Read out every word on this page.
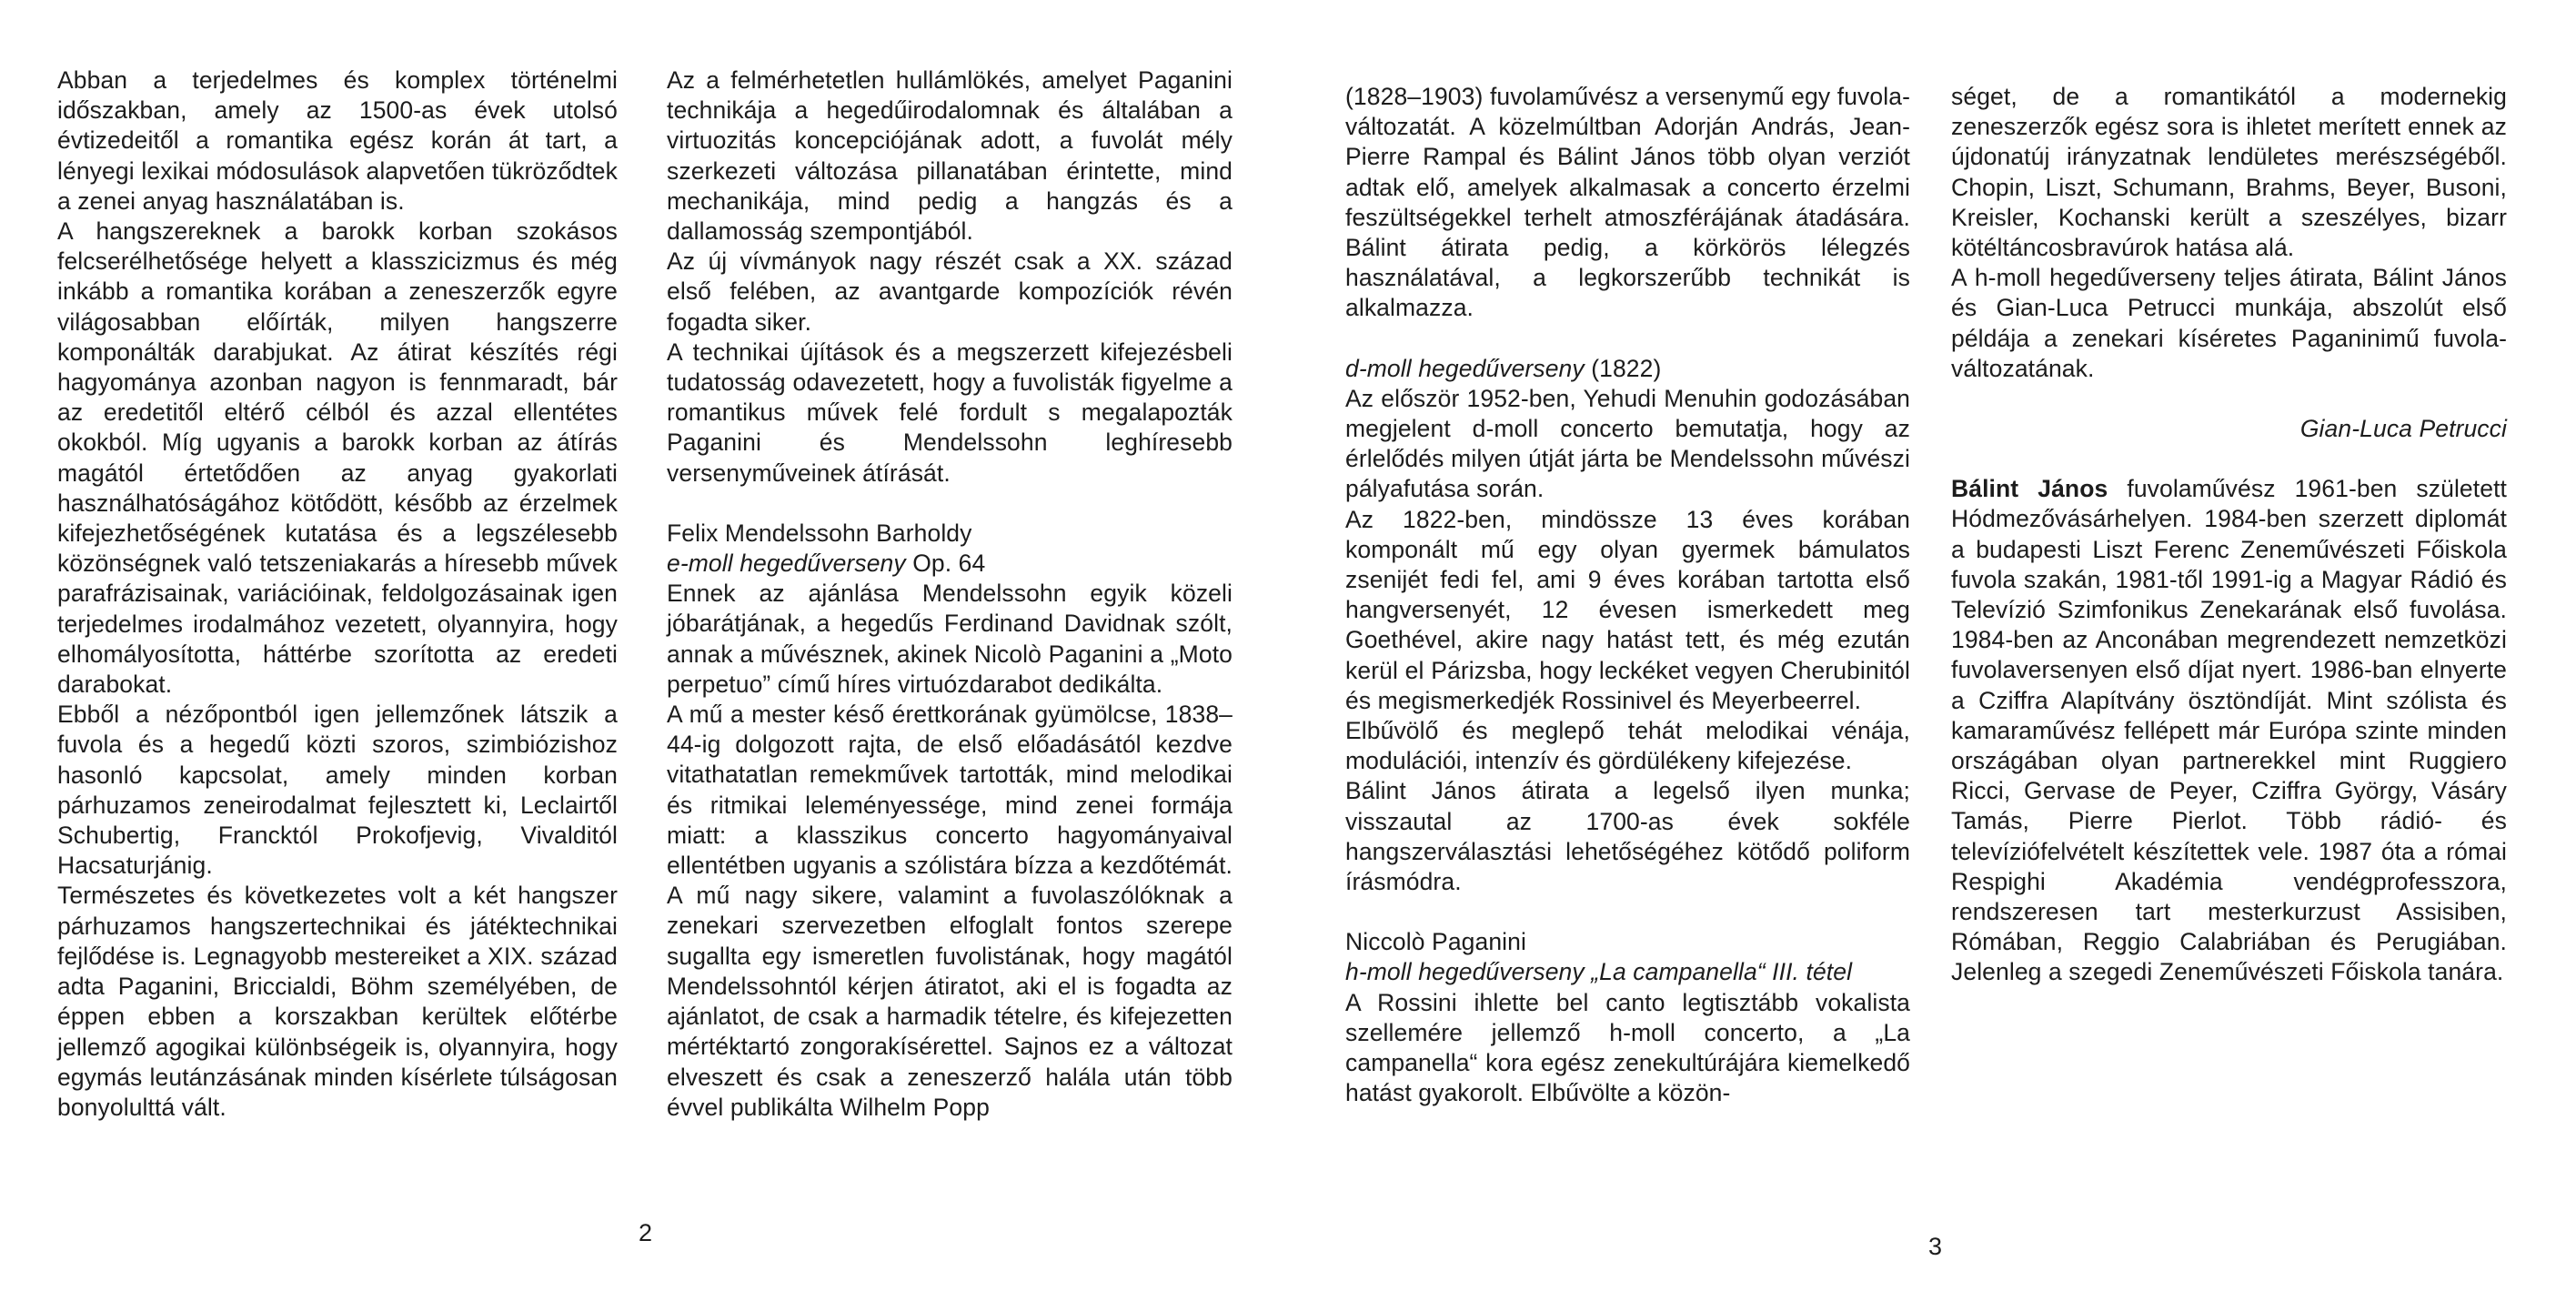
Abban a terjedelmes és komplex történelmi időszakban, amely az 1500-as évek utolsó évtizedeitől a romantika egész korán át tart, a lényegi lexikai módosulások alapvetően tükröződtek a zenei anyag használatában is.

A hangszereknek a barokk korban szokásos felcserélhetősége helyett a klasszicizmus és még inkább a romantika korában a zeneszerzők egyre világosabban előírták, milyen hangszerre komponálták darabjukat. Az átirat készítés régi hagyománya azonban nagyon is fennmaradt, bár az eredetitől eltérő célból és azzal ellentétes okokból. Míg ugyanis a barokk korban az átírás magától értetődően az anyag gyakorlati használhatóságához kötődött, később az érzelmek kifejezhetőségének kutatása és a legszélesebb közönségnek való tetszeniakarás a híresebb művek parafrázisainak, variációinak, feldolgozásainak igen terjedelmes irodalmához vezetett, olyannyira, hogy elhomályosította, háttérbe szorította az eredeti darabokat.

Ebből a nézőpontból igen jellemzőnek látszik a fuvola és a hegedű közti szoros, szimbiózishoz hasonló kapcsolat, amely minden korban párhuzamos zeneirodalmat fejlesztett ki, Leclairtől Schubertig, Francktól Prokofjevig, Vivalditól Hacsaturjánig.

Természetes és következetes volt a két hangszer párhuzamos hangszertechnikai és játéktechnikai fejlődése is. Legnagyobb mestereiket a XIX. század adta Paganini, Briccialdi, Böhm személyében, de éppen ebben a korszakban kerültek előtérbe jellemző agogikai különbségeik is, olyannyira, hogy egymás leutánzásának minden kísérlete túlságosan bonyolulttá vált.

Az a felmérhetetlen hullámlökés, amelyet Paganini technikája a hegedűirodalomnak és általában a virtuozitás koncepciójának adott, a fuvolát mély szerkezeti változása pillanatában érintette, mind mechanikája, mind pedig a hangzás és a dallamosság szempontjából.

Az új vívmányok nagy részét csak a XX. század első felében, az avantgarde kompozíciók révén fogadta siker.

A technikai újítások és a megszerzett kifejezésbeli tudatosság odavezetett, hogy a fuvolisták figyelme a romantikus művek felé fordult s megalapozták Paganini és Mendelssohn leghíresebb versenyműveinek átírását.

Felix Mendelssohn Barholdy

e-moll hegedűverseny Op. 64

Ennek az ajánlása Mendelssohn egyik közeli jóbarátjának, a hegedűs Ferdinand Davidnak szólt, annak a művésznek, akinek Nicolò Paganini a „Moto perpetuo” című híres virtuózdarabot dedikálta.

A mű a mester késő érettkorának gyümölcse, 1838–44-ig dolgozott rajta, de első előadásától kezdve vitathatatlan remekművek tartották, mind melodikai és ritmikai leleményessége, mind zenei formája miatt: a klasszikus concerto hagyományaival ellentétben ugyanis a szólistára bízza a kezdőtémát. A mű nagy sikere, valamint a fuvolaszólóknak a zenekari szervezetben elfoglalt fontos szerepe sugallta egy ismeretlen fuvolistának, hogy magától Mendelssohntól kérjen átiratot, aki el is fogadta az ajánlatot, de csak a harmadik tételre, és kifejezetten mértéktartó zongorakísérettel. Sajnos ez a változat elveszett és csak a zeneszerző halála után több évvel publikálta Wilhelm Popp

2

(1828–1903) fuvolaművész a versenymű egy fuvola-változatát. A közelmúltban Adorján András, Jean-Pierre Rampal és Bálint János több olyan verziót adtak elő, amelyek alkalmasak a concerto érzelmi feszültségekkel terhelt atmoszférájának átadására. Bálint átirata pedig, a körkörös lélegzés használatával, a legkorszerűbb technikát is alkalmazza.

d-moll hegedűverseny (1822)

Az először 1952-ben, Yehudi Menuhin godozásában megjelent d-moll concerto bemutatja, hogy az érlelődés milyen útját járta be Mendelssohn művészi pályafutása során.

Az 1822-ben, mindössze 13 éves korában komponált mű egy olyan gyermek bámulatos zsenijét fedi fel, ami 9 éves korában tartotta első hangversenyét, 12 évesen ismerkedett meg Goethével, akire nagy hatást tett, és még ezután kerül el Párizsba, hogy leckéket vegyen Cherubinitól és megismerkedjék Rossinivel és Meyerbeerrel.

Elbűvölő és meglepő tehát melodikai vénája, modulációi, intenzív és gördülékeny kifejezése.

Bálint János átirata a legelső ilyen munka; visszautal az 1700-as évek sokféle hangszerválasztási lehetőségéhez kötődő poliform írásmódra.

Niccolò Paganini

h-moll hegedűverseny „La campanella“ III. tétel

A Rossini ihlette bel canto legtisztább vokalista szellemére jellemző h-moll concerto, a „La campanella“ kora egész zenekultúrájára kiemelkedő hatást gyakorolt. Elbűvölte a közön-

séget, de a romantikától a modernekig zeneszerzők egész sora is ihletet merített ennek az újdonatúj irányzatnak lendületes merészségéből. Chopin, Liszt, Schumann, Brahms, Beyer, Busoni, Kreisler, Kochanski került a szeszélyes, bizarr kötéltáncosbravúrok hatása alá.

A h-moll hegedűverseny teljes átirata, Bálint János és Gian-Luca Petrucci munkája, abszolút első példája a zenekari kíséretes Paganinimű fuvola-változatának.

Gian-Luca Petrucci

Bálint János fuvolaművész 1961-ben született Hódmezővásárhelyen. 1984-ben szerzett diplomát a budapesti Liszt Ferenc Zeneművészeti Főiskola fuvola szakán, 1981-től 1991-ig a Magyar Rádió és Televízió Szimfonikus Zenekarának első fuvolása. 1984-ben az Anconában megrendezett nemzetközi fuvolaversenyen első díjat nyert. 1986-ban elnyerte a Cziffra Alapítvány ösztöndíját. Mint szólista és kamaraművész fellépett már Európa szinte minden országában olyan partnerekkel mint Ruggiero Ricci, Gervase de Peyer, Cziffra György, Vásáry Tamás, Pierre Pierlot. Több rádió- és televíziófelvételt készítettek vele. 1987 óta a római Respighi Akadémia vendégprofesszora, rendszeresen tart mesterkurzust Assisiben, Rómában, Reggio Calabriában és Perugiában. Jelenleg a szegedi Zeneművészeti Főiskola tanára.

3
